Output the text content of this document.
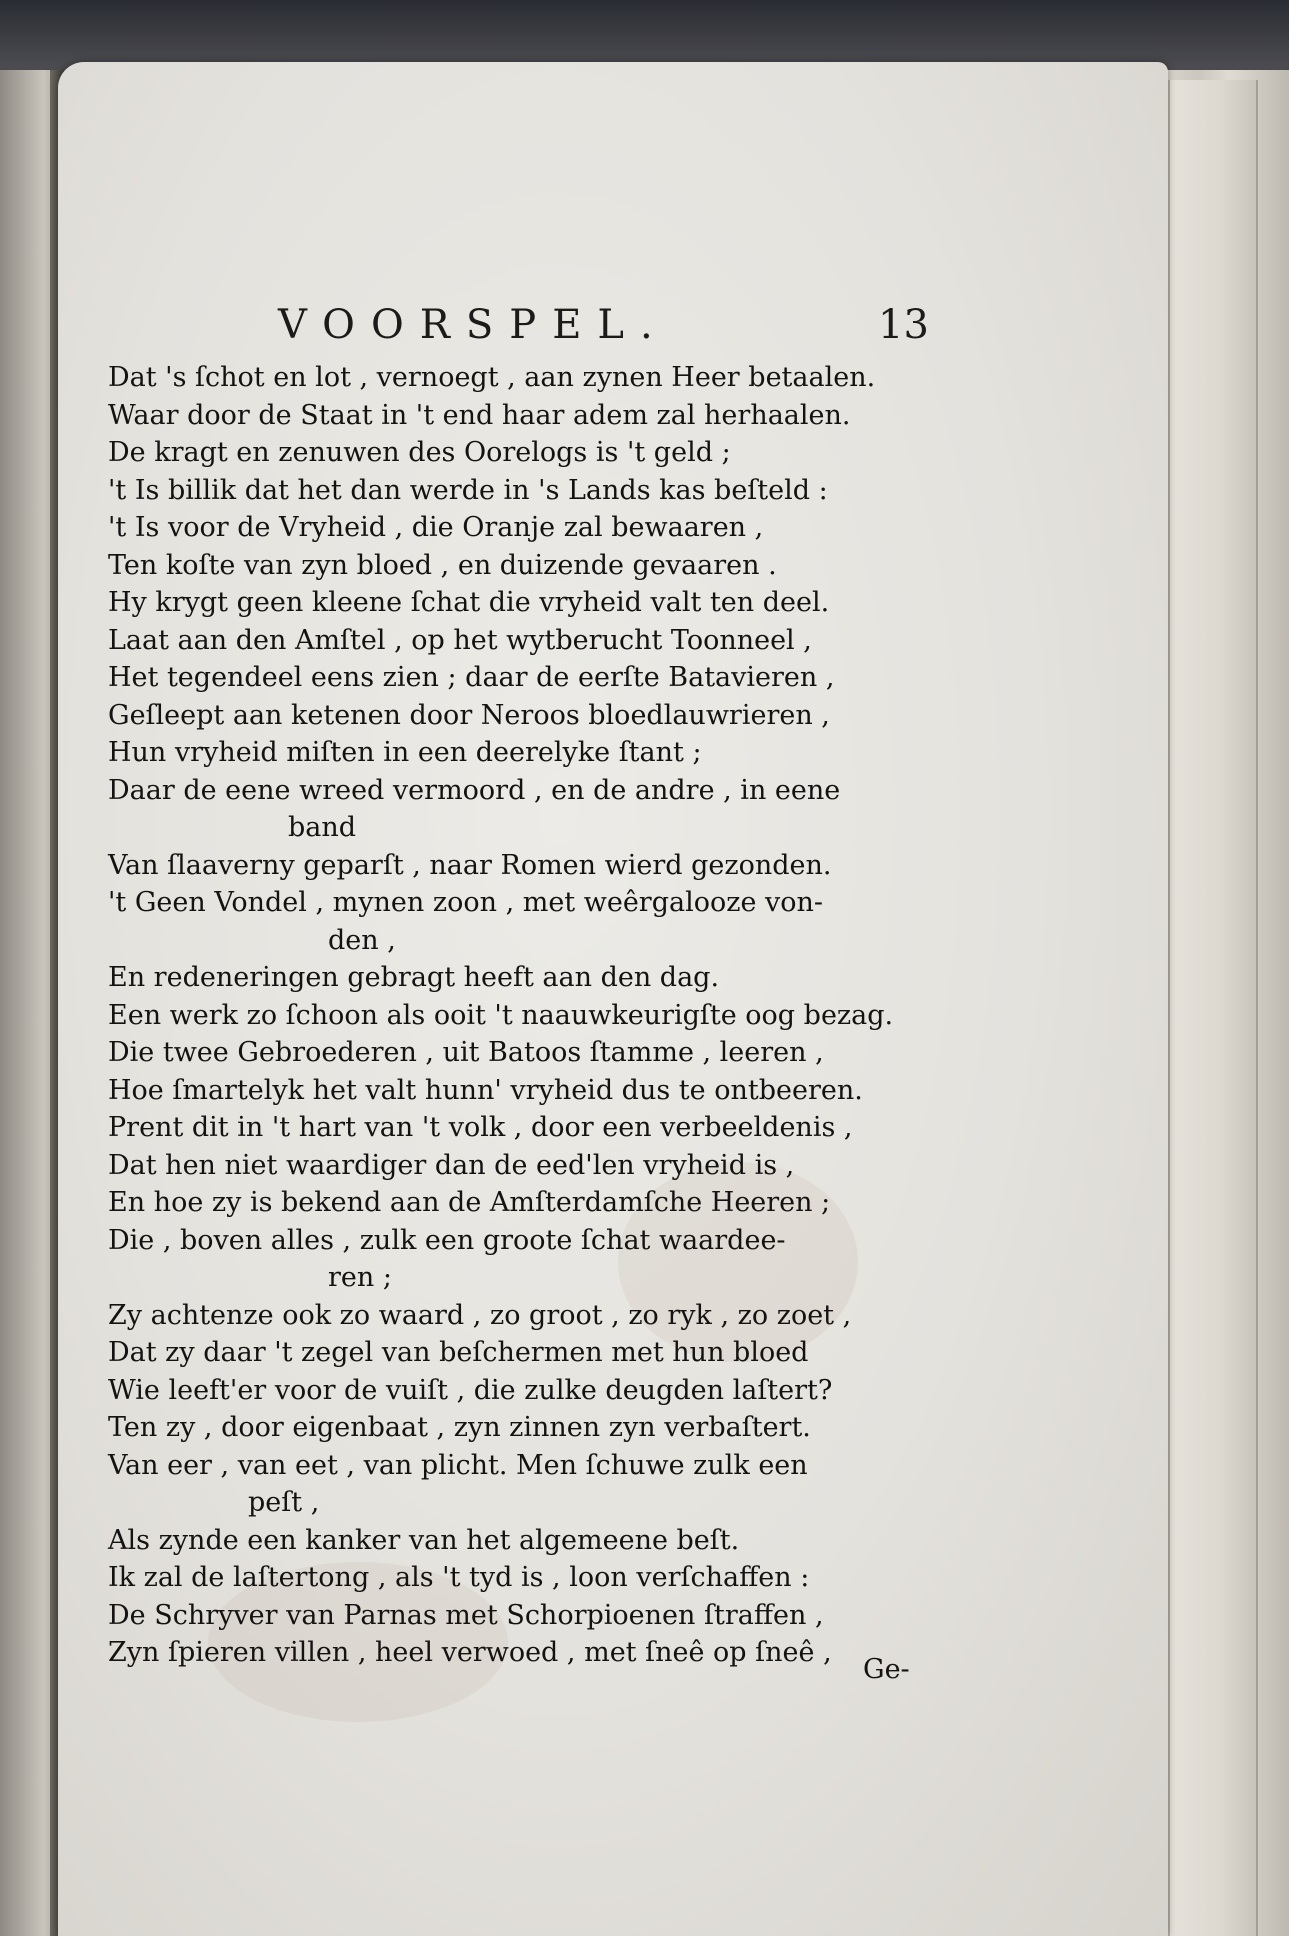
VOORSPEL.	13
Dat 's ſchot en lot , vernoegt , aan zynen Heer betaalen.
Waar door de Staat in 't end haar adem zal herhaalen.
De kragt en zenuwen des Oorelogs is 't geld ;
't Is billik dat het dan werde in 's Lands kas beſteld :
't Is voor de Vryheid , die Oranje zal bewaaren ,
Ten koſte van zyn bloed , en duizende gevaaren .
Hy krygt geen kleene ſchat die vryheid valt ten deel.
Laat aan den Amſtel , op het wytberucht Toonneel ,
Het tegendeel eens zien ; daar de eerſte Batavieren ,
Geſleept aan ketenen door Neroos bloedlauwrieren ,
Hun vryheid miſten in een deerelyke ſtant ;
Daar de eene wreed vermoord , en de andre , in eene
band
Van ſlaaverny geparſt , naar Romen wierd gezonden.
't Geen Vondel , mynen zoon , met weêrgalooze von-
den ,
En redeneringen gebragt heeft aan den dag.
Een werk zo ſchoon als ooit 't naauwkeurigſte oog bezag.
Die twee Gebroederen , uit Batoos ſtamme , leeren ,
Hoe ſmartelyk het valt hunn' vryheid dus te ontbeeren.
Prent dit in 't hart van 't volk , door een verbeeldenis ,
Dat hen niet waardiger dan de eed'len vryheid is ,
En hoe zy is bekend aan de Amſterdamſche Heeren ;
Die , boven alles , zulk een groote ſchat waardee-
ren ;
Zy achtenze ook zo waard , zo groot , zo ryk , zo zoet ,
Dat zy daar 't zegel van beſchermen met hun bloed
Wie leeft'er voor de vuiſt , die zulke deugden laſtert?
Ten zy , door eigenbaat , zyn zinnen zyn verbaſtert.
Van eer , van eet , van plicht. Men ſchuwe zulk een
peſt ,
Als zynde een kanker van het algemeene beſt.
Ik zal de laſtertong , als 't tyd is , loon verſchaffen :
De Schryver van Parnas met Schorpioenen ſtraffen ,
Zyn ſpieren villen , heel verwoed , met ſneê op ſneê ,
Ge-
